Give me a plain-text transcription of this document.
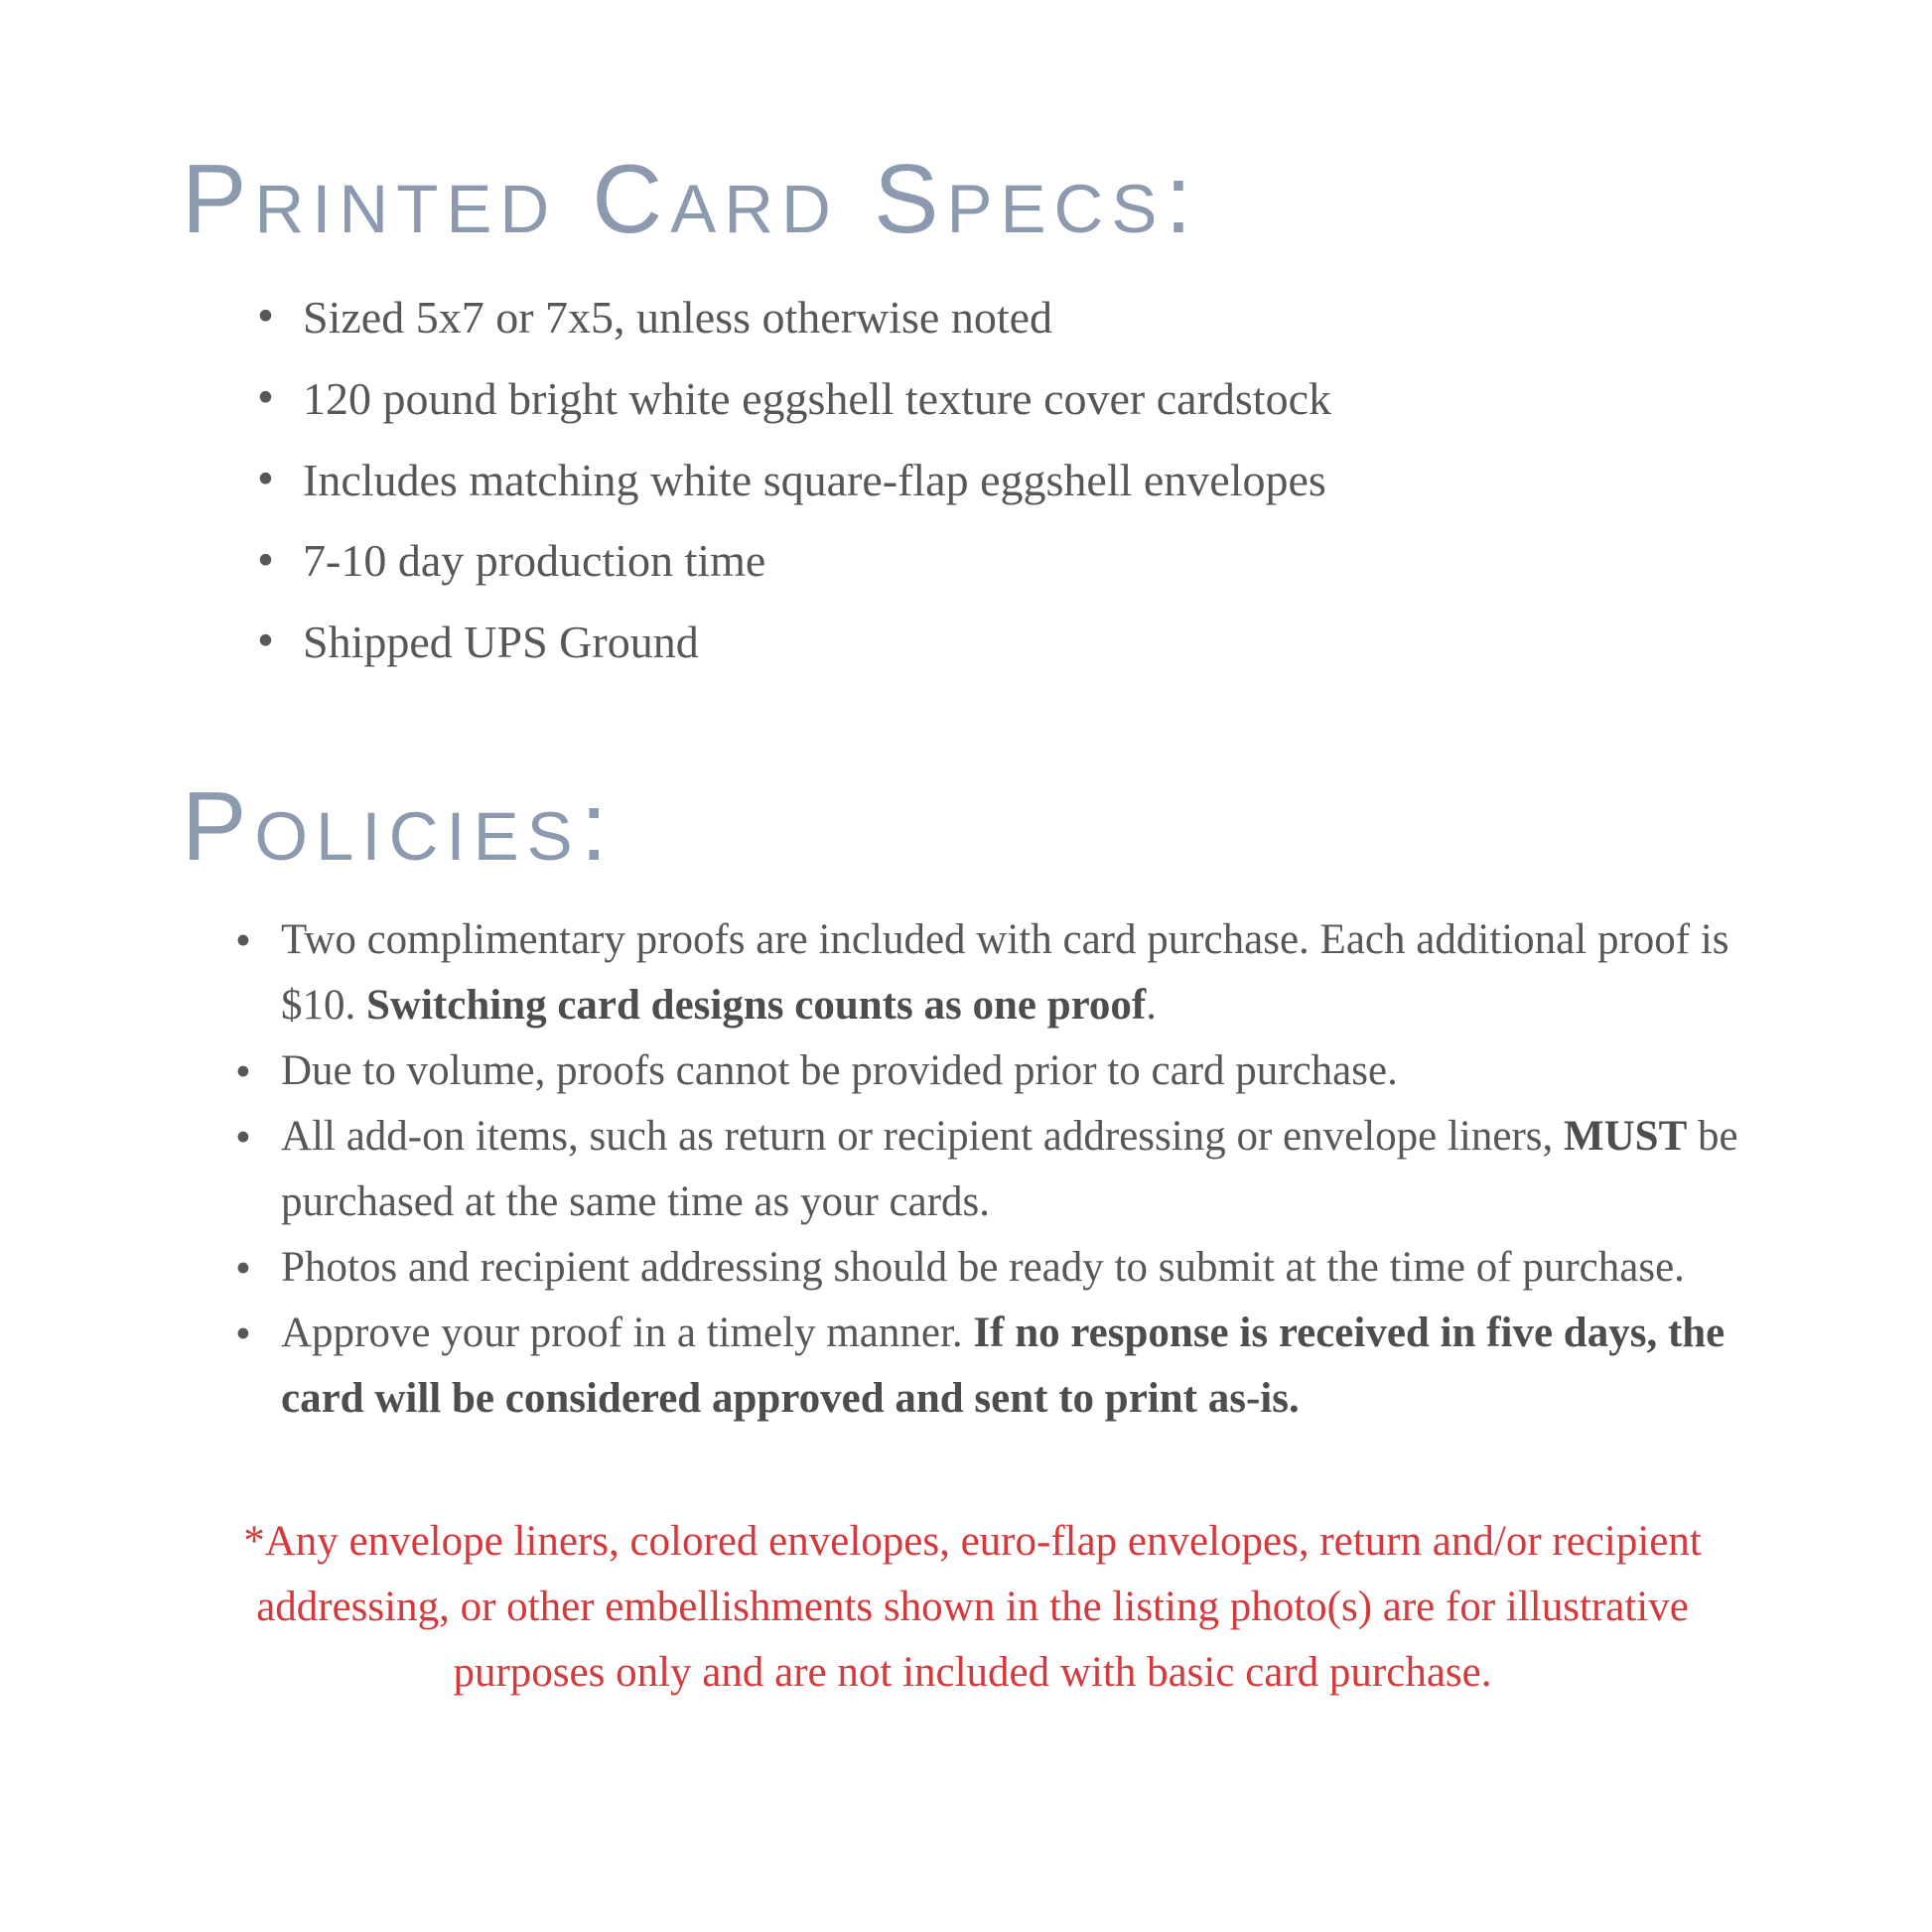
Printed Card Specs:
• Sized 5x7 or 7x5, unless otherwise noted
• 120 pound bright white eggshell texture cover cardstock
• Includes matching white square-flap eggshell envelopes
• 7-10 day production time
• Shipped UPS Ground
Policies:
• Two complimentary proofs are included with card purchase. Each additional proof is $10. Switching card designs counts as one proof.
• Due to volume, proofs cannot be provided prior to card purchase.
• All add-on items, such as return or recipient addressing or envelope liners, MUST be purchased at the same time as your cards.
• Photos and recipient addressing should be ready to submit at the time of purchase.
• Approve your proof in a timely manner. If no response is received in five days, the card will be considered approved and sent to print as-is.

*Any envelope liners, colored envelopes, euro-flap envelopes, return and/or recipient addressing, or other embellishments shown in the listing photo(s) are for illustrative purposes only and are not included with basic card purchase.
